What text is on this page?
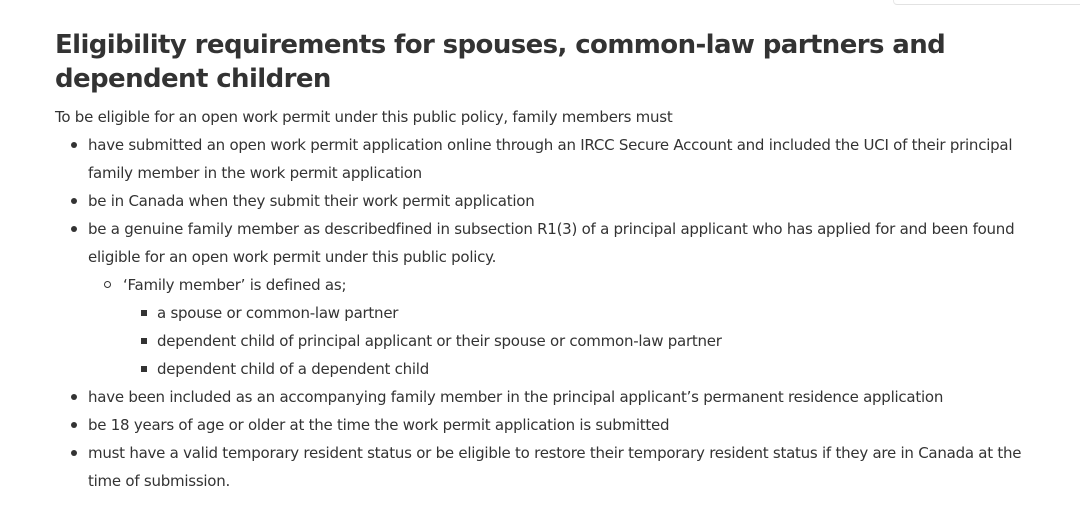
Eligibility requirements for spouses, common-law partners and dependent children

To be eligible for an open work permit under this public policy, family members must

have submitted an open work permit application online through an IRCC Secure Account and included the UCI of their principal family member in the work permit application
be in Canada when they submit their work permit application
be a genuine family member as describedfined in subsection R1(3) of a principal applicant who has applied for and been found eligible for an open work permit under this public policy.
‘Family member’ is defined as;
a spouse or common-law partner
dependent child of principal applicant or their spouse or common-law partner
dependent child of a dependent child
have been included as an accompanying family member in the principal applicant’s permanent residence application
be 18 years of age or older at the time the work permit application is submitted
must have a valid temporary resident status or be eligible to restore their temporary resident status if they are in Canada at the time of submission.
